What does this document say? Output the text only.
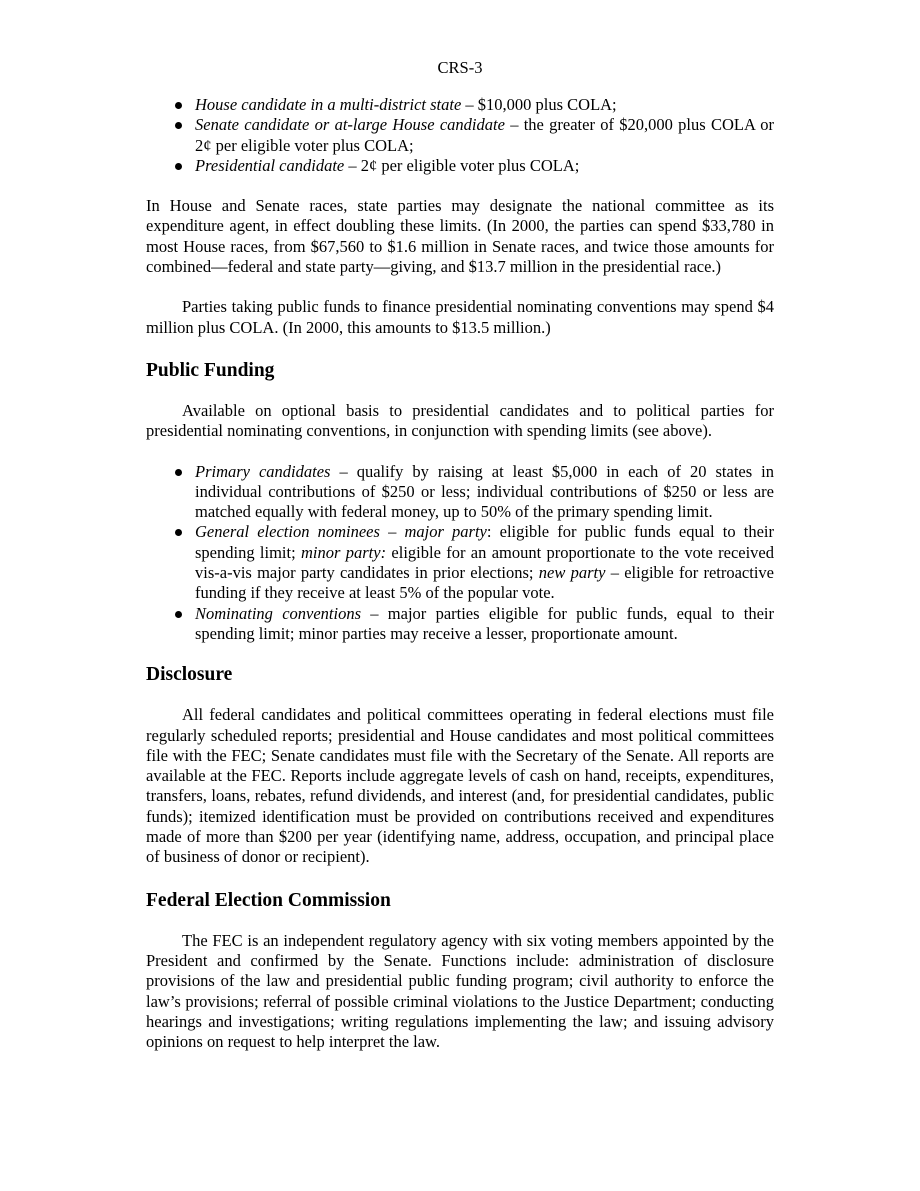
CRS-3
House candidate in a multi-district state – $10,000 plus COLA;
Senate candidate or at-large House candidate – the greater of $20,000 plus COLA or 2¢ per eligible voter plus COLA;
Presidential candidate – 2¢ per eligible voter plus COLA;

In House and Senate races, state parties may designate the national committee as its expenditure agent, in effect doubling these limits. (In 2000, the parties can spend $33,780 in most House races, from $67,560 to $1.6 million in Senate races, and twice those amounts for combined—federal and state party—giving, and $13.7 million in the presidential race.)

Parties taking public funds to finance presidential nominating conventions may spend $4 million plus COLA. (In 2000, this amounts to $13.5 million.)

Public Funding

Available on optional basis to presidential candidates and to political parties for presidential nominating conventions, in conjunction with spending limits (see above).

Primary candidates – qualify by raising at least $5,000 in each of 20 states in individual contributions of $250 or less; individual contributions of $250 or less are matched equally with federal money, up to 50% of the primary spending limit.
General election nominees – major party: eligible for public funds equal to their spending limit; minor party: eligible for an amount proportionate to the vote received vis-a-vis major party candidates in prior elections; new party – eligible for retroactive funding if they receive at least 5% of the popular vote.
Nominating conventions – major parties eligible for public funds, equal to their spending limit; minor parties may receive a lesser, proportionate amount.
Disclosure

All federal candidates and political committees operating in federal elections must file regularly scheduled reports; presidential and House candidates and most political committees file with the FEC; Senate candidates must file with the Secretary of the Senate. All reports are available at the FEC. Reports include aggregate levels of cash on hand, receipts, expenditures, transfers, loans, rebates, refund dividends, and interest (and, for presidential candidates, public funds); itemized identification must be provided on contributions received and expenditures made of more than $200 per year (identifying name, address, occupation, and principal place of business of donor or recipient).

Federal Election Commission

The FEC is an independent regulatory agency with six voting members appointed by the President and confirmed by the Senate. Functions include: administration of disclosure provisions of the law and presidential public funding program; civil authority to enforce the law’s provisions; referral of possible criminal violations to the Justice Department; conducting hearings and investigations; writing regulations implementing the law; and issuing advisory opinions on request to help interpret the law.
